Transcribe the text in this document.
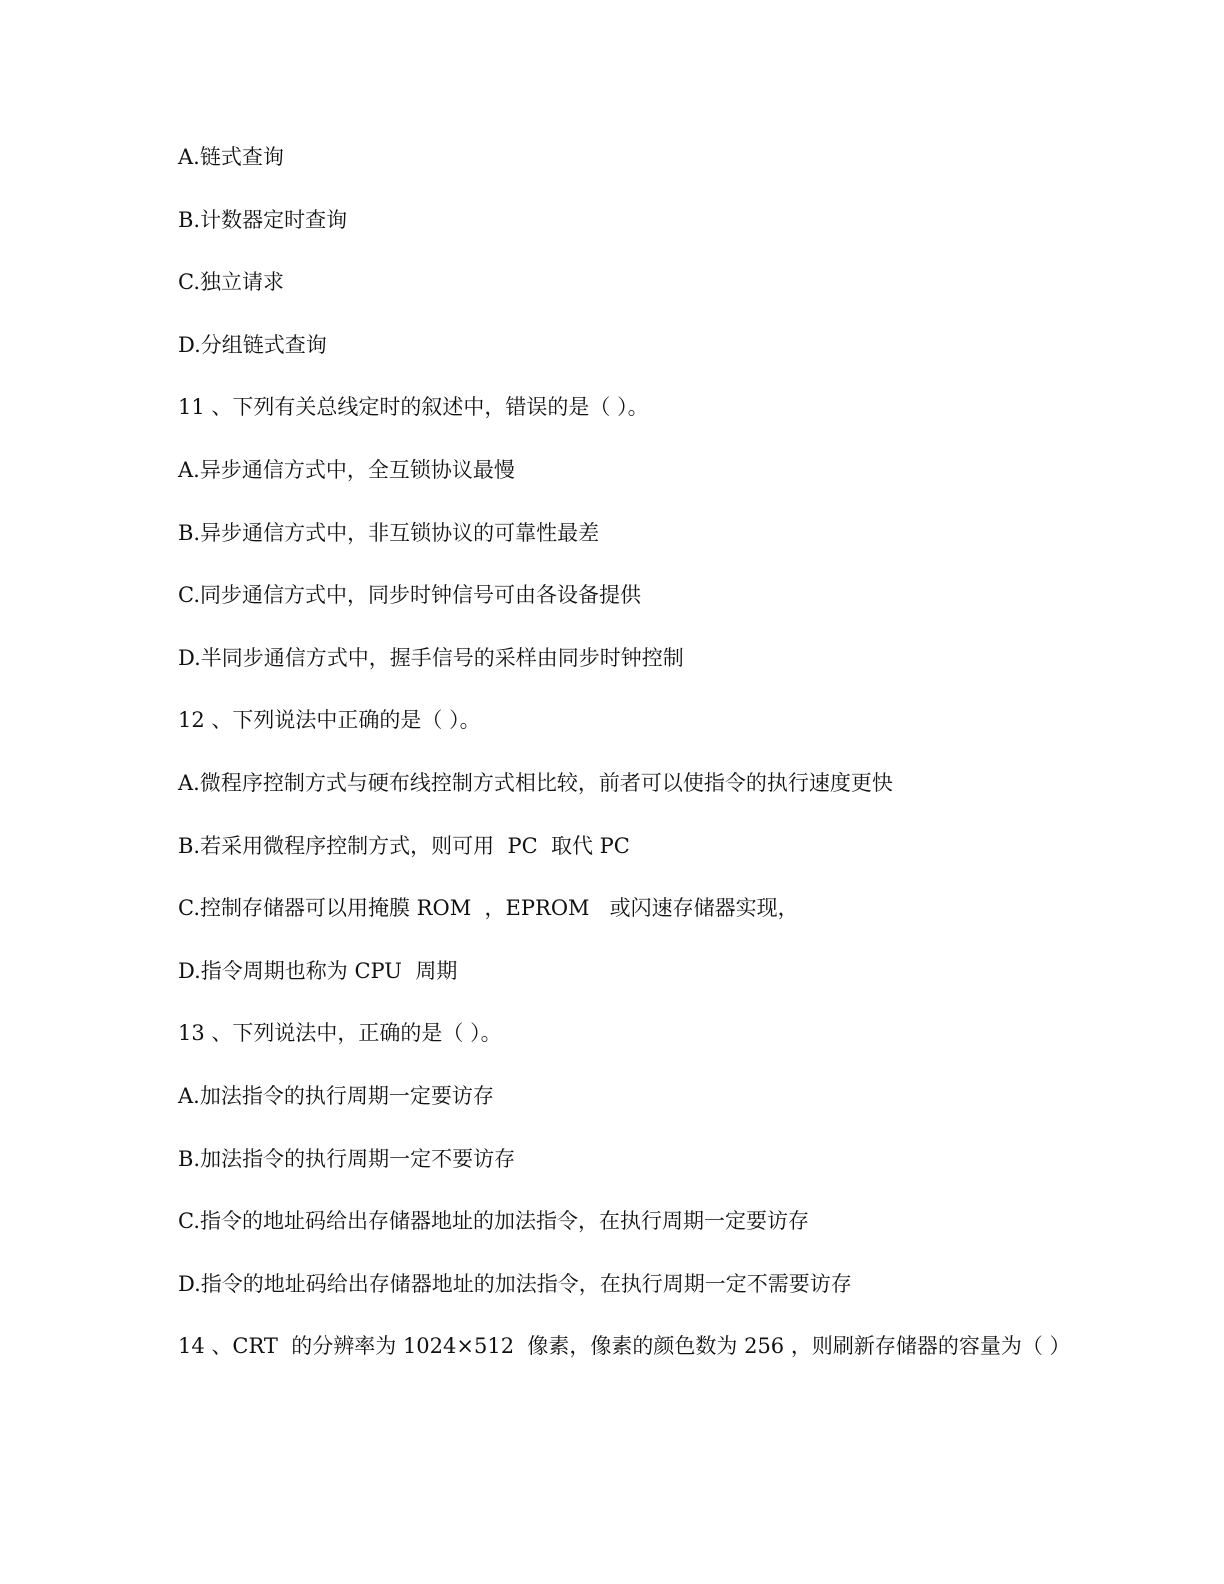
A.链式查询
B.计数器定时查询
C.独立请求
D.分组链式查询
11 、下列有关总线定时的叙述中，错误的是（ ）。
A.异步通信方式中，全互锁协议最慢
B.异步通信方式中，非互锁协议的可靠性最差
C.同步通信方式中，同步时钟信号可由各设备提供
D.半同步通信方式中，握手信号的采样由同步时钟控制
12 、下列说法中正确的是（ ）。
A.微程序控制方式与硬布线控制方式相比较，前者可以使指令的执行速度更快
B.若采用微程序控制方式，则可用  PC  取代 PC
C.控制存储器可以用掩膜 ROM  ，EPROM   或闪速存储器实现，
D.指令周期也称为 CPU  周期
13 、下列说法中，正确的是（ ）。
A.加法指令的执行周期一定要访存
B.加法指令的执行周期一定不要访存
C.指令的地址码给出存储器地址的加法指令，在执行周期一定要访存
D.指令的地址码给出存储器地址的加法指令，在执行周期一定不需要访存
14 、CRT  的分辨率为 1024×512  像素，像素的颜色数为 256 ，则刷新存储器的容量为（ ）
